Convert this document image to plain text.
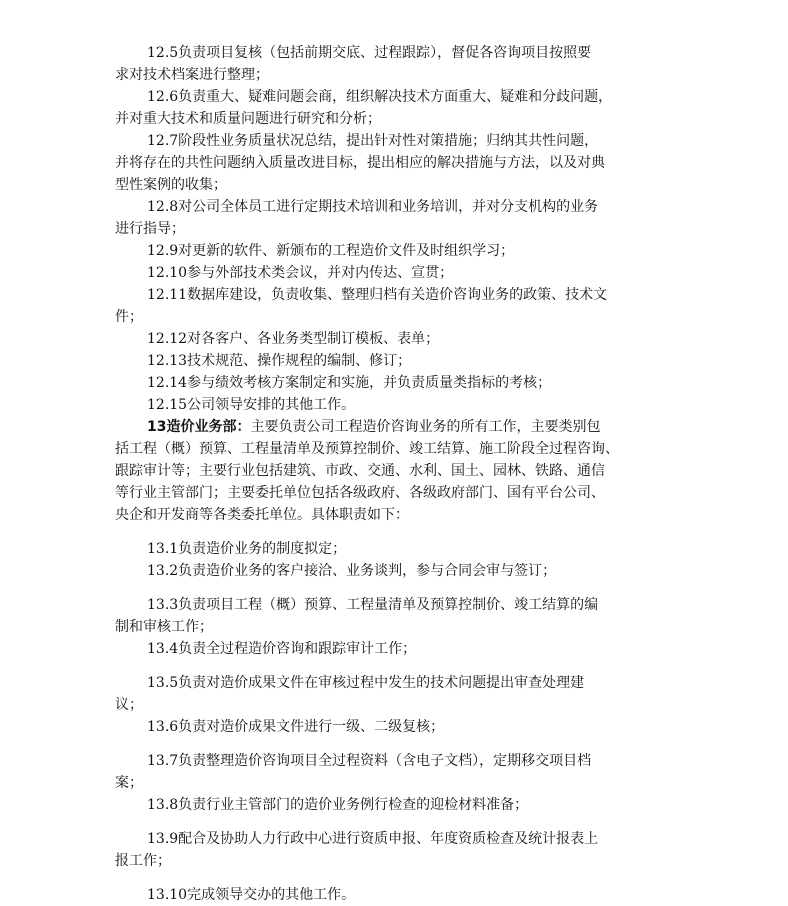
12.5负责项目复核（包括前期交底、过程跟踪），督促各咨询项目按照要
求对技术档案进行整理；
12.6负责重大、疑难问题会商，组织解决技术方面重大、疑难和分歧问题，
并对重大技术和质量问题进行研究和分析；
12.7阶段性业务质量状况总结，提出针对性对策措施；归纳其共性问题，
并将存在的共性问题纳入质量改进目标，提出相应的解决措施与方法，以及对典
型性案例的收集；
12.8对公司全体员工进行定期技术培训和业务培训，并对分支机构的业务
进行指导；
12.9对更新的软件、新颁布的工程造价文件及时组织学习；
12.10参与外部技术类会议，并对内传达、宣贯；
12.11数据库建设，负责收集、整理归档有关造价咨询业务的政策、技术文
件；
12.12对各客户、各业务类型制订模板、表单；
12.13技术规范、操作规程的编制、修订；
12.14参与绩效考核方案制定和实施，并负责质量类指标的考核；
12.15公司领导安排的其他工作。
13造价业务部：主要负责公司工程造价咨询业务的所有工作，主要类别包
括工程（概）预算、工程量清单及预算控制价、竣工结算、施工阶段全过程咨询、
跟踪审计等；主要行业包括建筑、市政、交通、水利、国土、园林、铁路、通信
等行业主管部门；主要委托单位包括各级政府、各级政府部门、国有平台公司、
央企和开发商等各类委托单位。具体职责如下：
13.1负责造价业务的制度拟定；
13.2负责造价业务的客户接洽、业务谈判，参与合同会审与签订；
13.3负责项目工程（概）预算、工程量清单及预算控制价、竣工结算的编
制和审核工作；
13.4负责全过程造价咨询和跟踪审计工作；
13.5负责对造价成果文件在审核过程中发生的技术问题提出审查处理建
议；
13.6负责对造价成果文件进行一级、二级复核；
13.7负责整理造价咨询项目全过程资料（含电子文档），定期移交项目档
案；
13.8负责行业主管部门的造价业务例行检查的迎检材料准备；
13.9配合及协助人力行政中心进行资质申报、年度资质检查及统计报表上
报工作；
13.10完成领导交办的其他工作。
